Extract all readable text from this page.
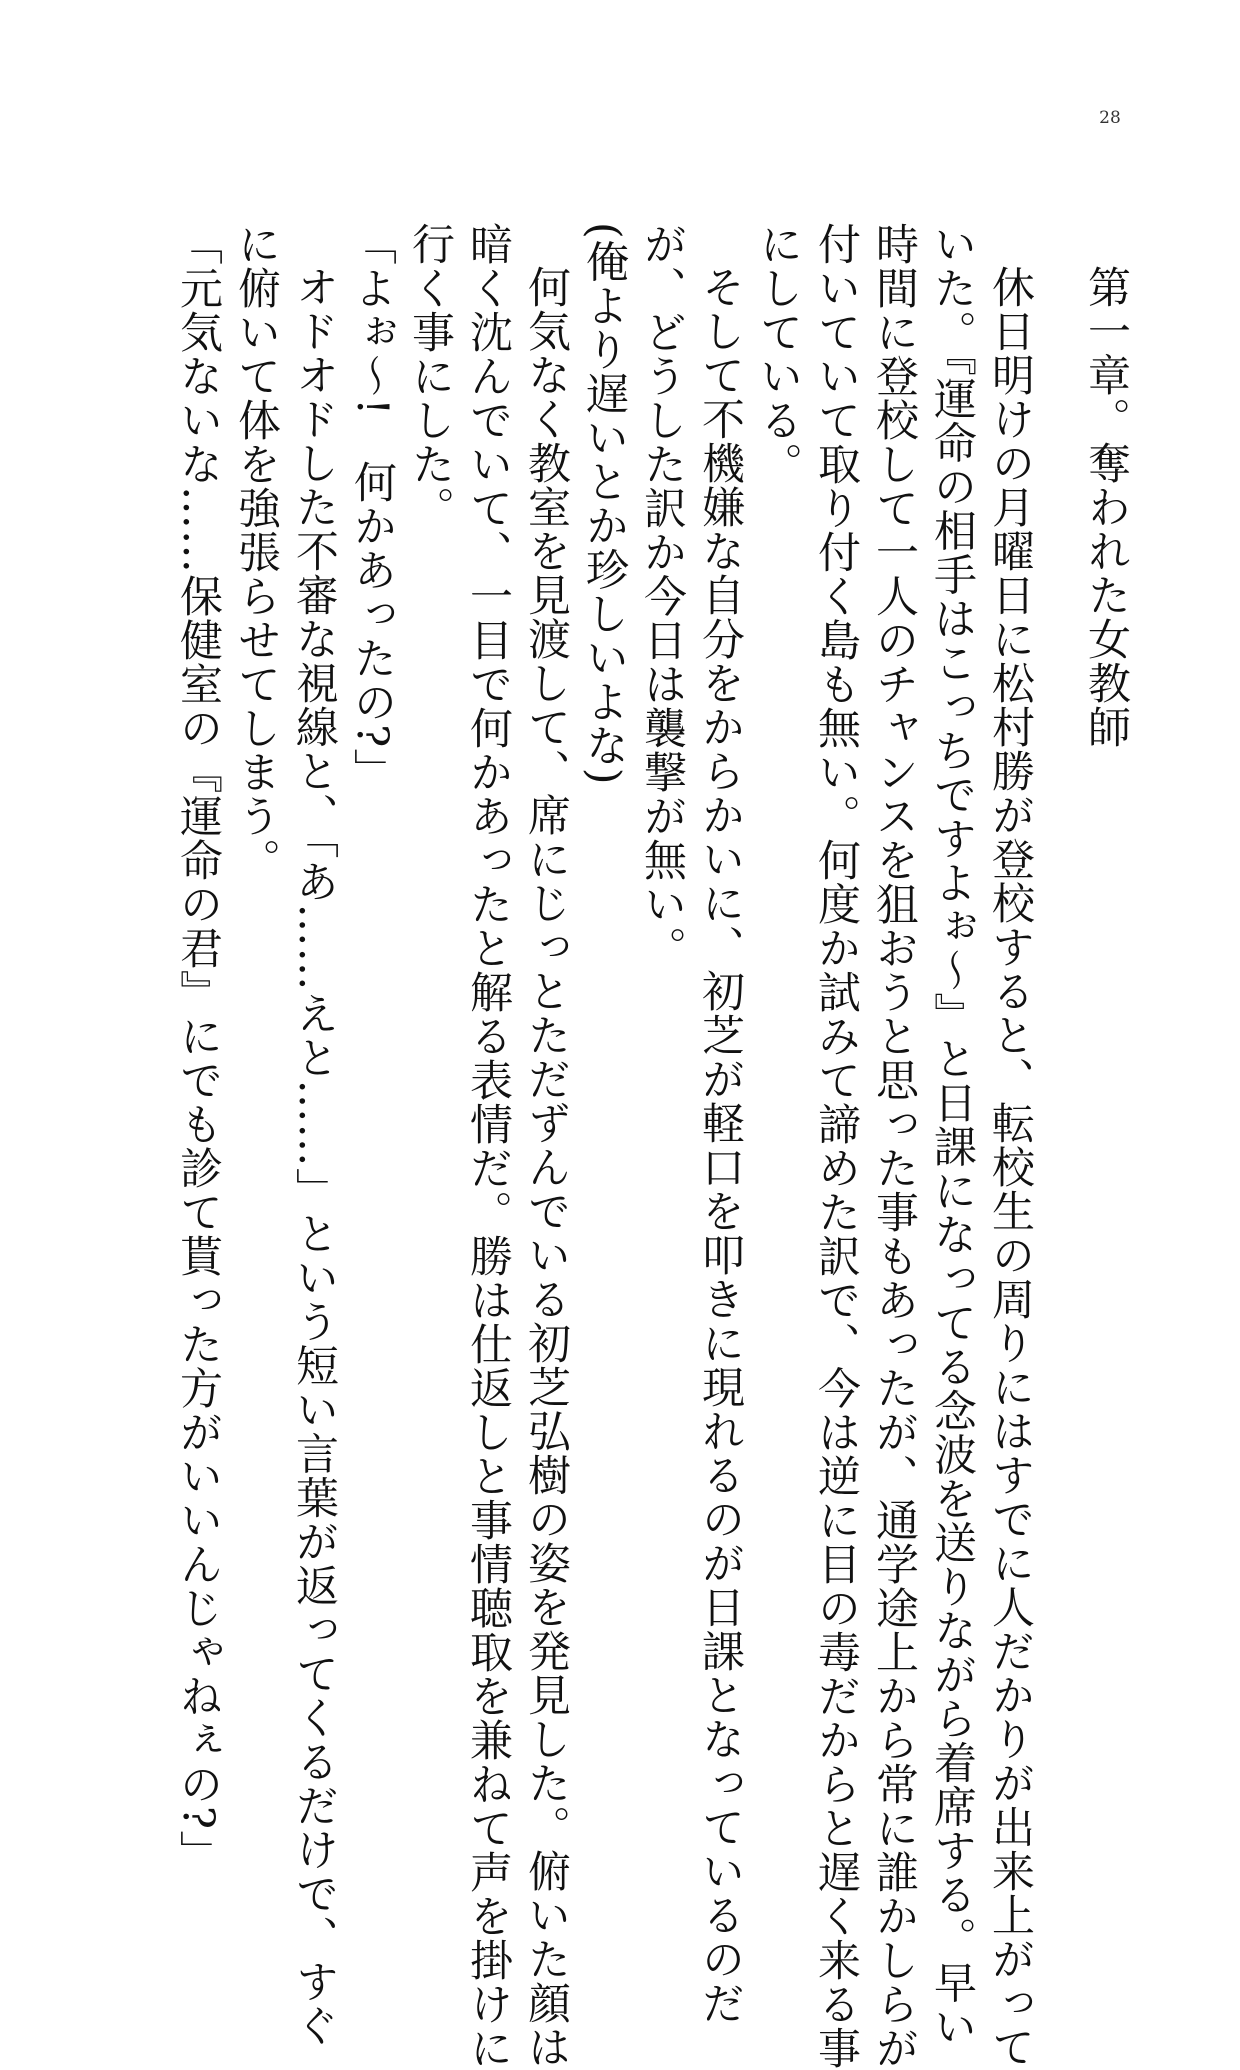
28

第一章。奪われた女教師

休日明けの月曜日に松村勝が登校すると、転校生の周りにはすでに人だかりが出来上がって

いた。『運命の相手はこっちですよぉ〜』と日課になってる念波を送りながら着席する。早い

時間に登校して一人のチャンスを狙おうと思った事もあったが、通学途上から常に誰かしらが

付いていて取り付く島も無い。何度か試みて諦めた訳で、今は逆に目の毒だからと遅く来る事

にしている。

そして不機嫌な自分をからかいに、初芝が軽口を叩きに現れるのが日課となっているのだ

が、どうした訳か今日は襲撃が無い。

(俺より遅いとか珍しいよな)

何気なく教室を見渡して、席にじっとただずんでいる初芝弘樹の姿を発見した。俯いた顔は

暗く沈んでいて、一目で何かあったと解る表情だ。勝は仕返しと事情聴取を兼ねて声を掛けに

行く事にした。

「よぉ〜!　何かあったの?」

オドオドした不審な視線と、「あ……えと……」という短い言葉が返ってくるだけで、すぐ

に俯いて体を強張らせてしまう。

「元気ないな……保健室の『運命の君』にでも診て貰った方がいいんじゃねぇの?」
